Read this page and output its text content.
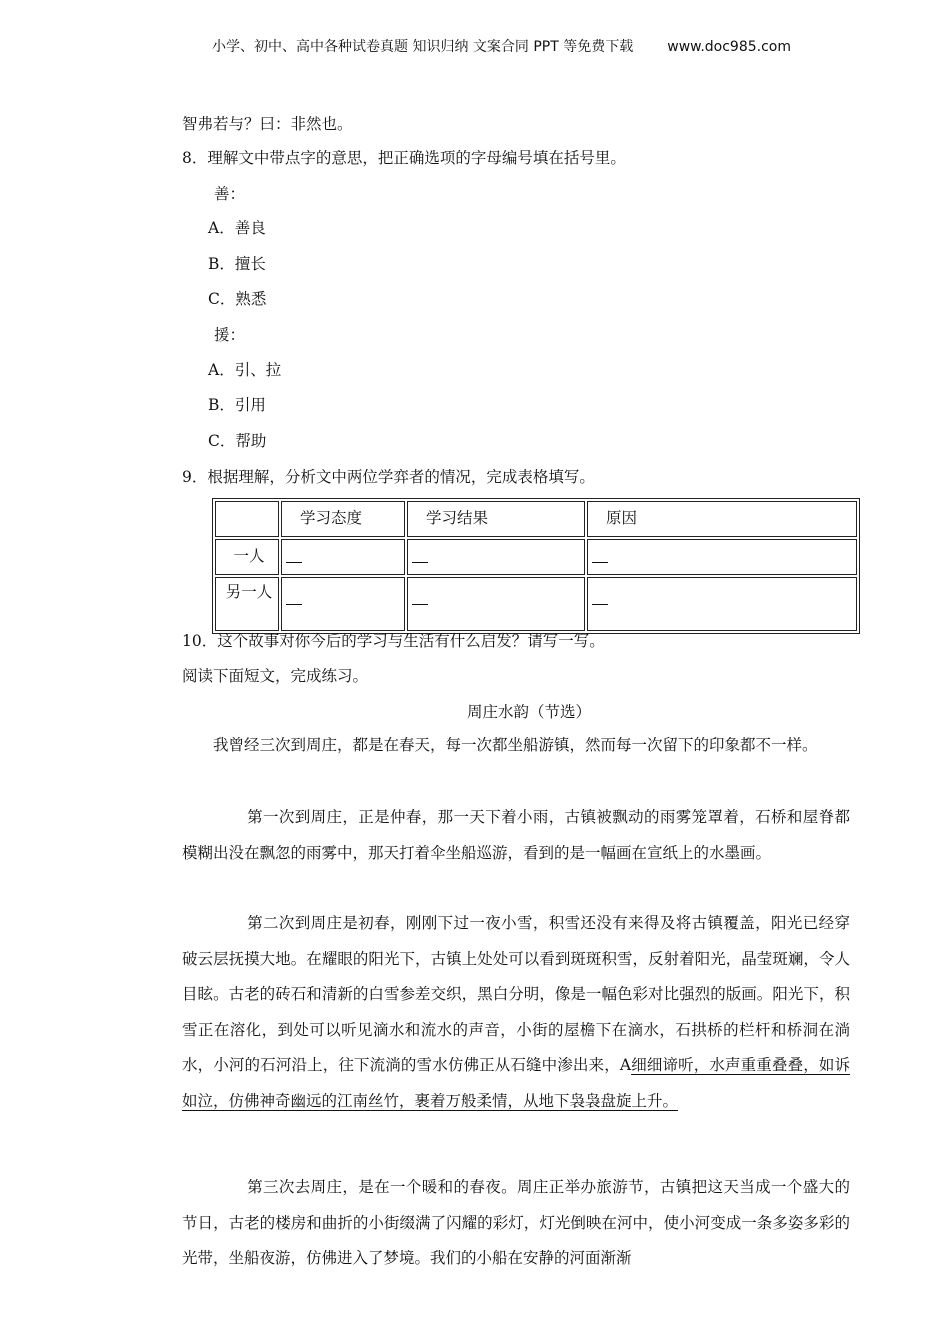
小学、初中、高中各种试卷真题 知识归纳 文案合同 PPT 等免费下载 www.doc985.com
智弗若与？曰：非然也。
8．理解文中带点字的意思，把正确选项的字母编号填在括号里。
善：
A．善良
B．擅长
C．熟悉
援：
A．引、拉
B．引用
C．帮助
9．根据理解，分析文中两位学弈者的情况，完成表格填写。
	学习态度	学习结果	原因
一人			
另一人			
10．这个故事对你今后的学习与生活有什么启发？请写一写。
阅读下面短文，完成练习。
周庄水韵（节选）
我曾经三次到周庄，都是在春天，每一次都坐船游镇，然而每一次留下的印象都不一样。
第一次到周庄，正是仲春，那一天下着小雨，古镇被飘动的雨雾笼罩着，石桥和屋脊都模糊出没在飘忽的雨雾中，那天打着伞坐船巡游，看到的是一幅画在宣纸上的水墨画。
第二次到周庄是初春，刚刚下过一夜小雪，积雪还没有来得及将古镇覆盖，阳光已经穿破云层抚摸大地。在耀眼的阳光下，古镇上处处可以看到斑斑积雪，反射着阳光，晶莹斑斓，令人目眩。古老的砖石和清新的白雪参差交织，黑白分明，像是一幅色彩对比强烈的版画。阳光下，积雪正在溶化，到处可以听见滴水和流水的声音，小街的屋檐下在滴水，石拱桥的栏杆和桥洞在淌水，小河的石河沿上，往下流淌的雪水仿佛正从石缝中渗出来，A细细谛听，水声重重叠叠，如诉如泣，仿佛神奇幽远的江南丝竹，裹着万般柔情，从地下袅袅盘旋上升。
第三次去周庄，是在一个暖和的春夜。周庄正举办旅游节，古镇把这天当成一个盛大的节日，古老的楼房和曲折的小街缀满了闪耀的彩灯，灯光倒映在河中，使小河变成一条多姿多彩的光带，坐船夜游，仿佛进入了梦境。我们的小船在安静的河面渐渐
